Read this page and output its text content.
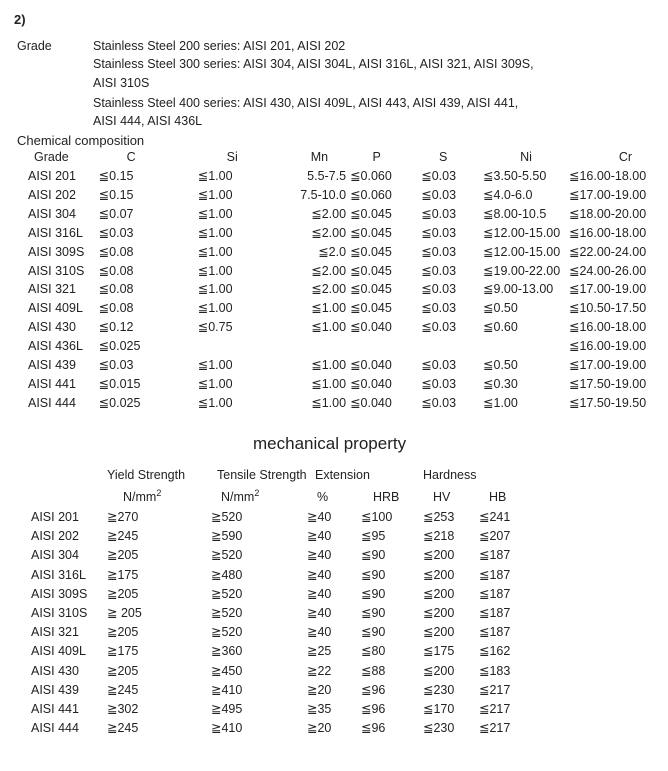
2)
Grade	Stainless Steel 200 series: AISI 201, AISI 202
Stainless Steel 300 series: AISI 304, AISI 304L, AISI 316L, AISI 321, AISI 309S,
AISI 310S
Stainless Steel 400 series: AISI 430, AISI 409L, AISI 443, AISI 439, AISI 441,
AISI 444, AISI 436L
Chemical composition
Grade	C	Si	Mn	P	S	Ni	Cr
AISI 201	≦0.15	≦1.00	5.5-7.5	≦0.060	≦0.03	≦3.50-5.50	≦16.00-18.00
AISI 202	≦0.15	≦1.00	7.5-10.0	≦0.060	≦0.03	≦4.0-6.0	≦17.00-19.00
AISI 304	≦0.07	≦1.00	≦2.00	≦0.045	≦0.03	≦8.00-10.5	≦18.00-20.00
AISI 316L	≦0.03	≦1.00	≦2.00	≦0.045	≦0.03	≦12.00-15.00	≦16.00-18.00
AISI 309S	≦0.08	≦1.00	≦2.0	≦0.045	≦0.03	≦12.00-15.00	≦22.00-24.00
AISI 310S	≦0.08	≦1.00	≦2.00	≦0.045	≦0.03	≦19.00-22.00	≦24.00-26.00
AISI 321	≦0.08	≦1.00	≦2.00	≦0.045	≦0.03	≦9.00-13.00	≦17.00-19.00
AISI 409L	≦0.08	≦1.00	≦1.00	≦0.045	≦0.03	≦0.50	≦10.50-17.50
AISI 430	≦0.12	≦0.75	≦1.00	≦0.040	≦0.03	≦0.60	≦16.00-18.00
AISI 436L	≦0.025						≦16.00-19.00
AISI 439	≦0.03	≦1.00	≦1.00	≦0.040	≦0.03	≦0.50	≦17.00-19.00
AISI 441	≦0.015	≦1.00	≦1.00	≦0.040	≦0.03	≦0.30	≦17.50-19.00
AISI 444	≦0.025	≦1.00	≦1.00	≦0.040	≦0.03	≦1.00	≦17.50-19.50
mechanical property
	Yield Strength	Tensile Strength	Extension		Hardness	
	$N/mm^2$	$N/mm^2$	%	HRB	HV	HB
AISI 201	≧270	≧520	≧40	≦100	≦253	≦241
AISI 202	≧245	≧590	≧40	≦95	≦218	≦207
AISI 304	≧205	≧520	≧40	≦90	≦200	≦187
AISI 316L	≧175	≧480	≧40	≦90	≦200	≦187
AISI 309S	≧205	≧520	≧40	≦90	≦200	≦187
AISI 310S	≧ 205	≧520	≧40	≦90	≦200	≦187
AISI 321	≧205	≧520	≧40	≦90	≦200	≦187
AISI 409L	≧175	≧360	≧25	≦80	≦175	≦162
AISI 430	≧205	≧450	≧22	≦88	≦200	≦183
AISI 439	≧245	≧410	≧20	≦96	≦230	≦217
AISI 441	≧302	≧495	≧35	≦96	≦170	≦217
AISI 444	≧245	≧410	≧20	≦96	≦230	≦217
